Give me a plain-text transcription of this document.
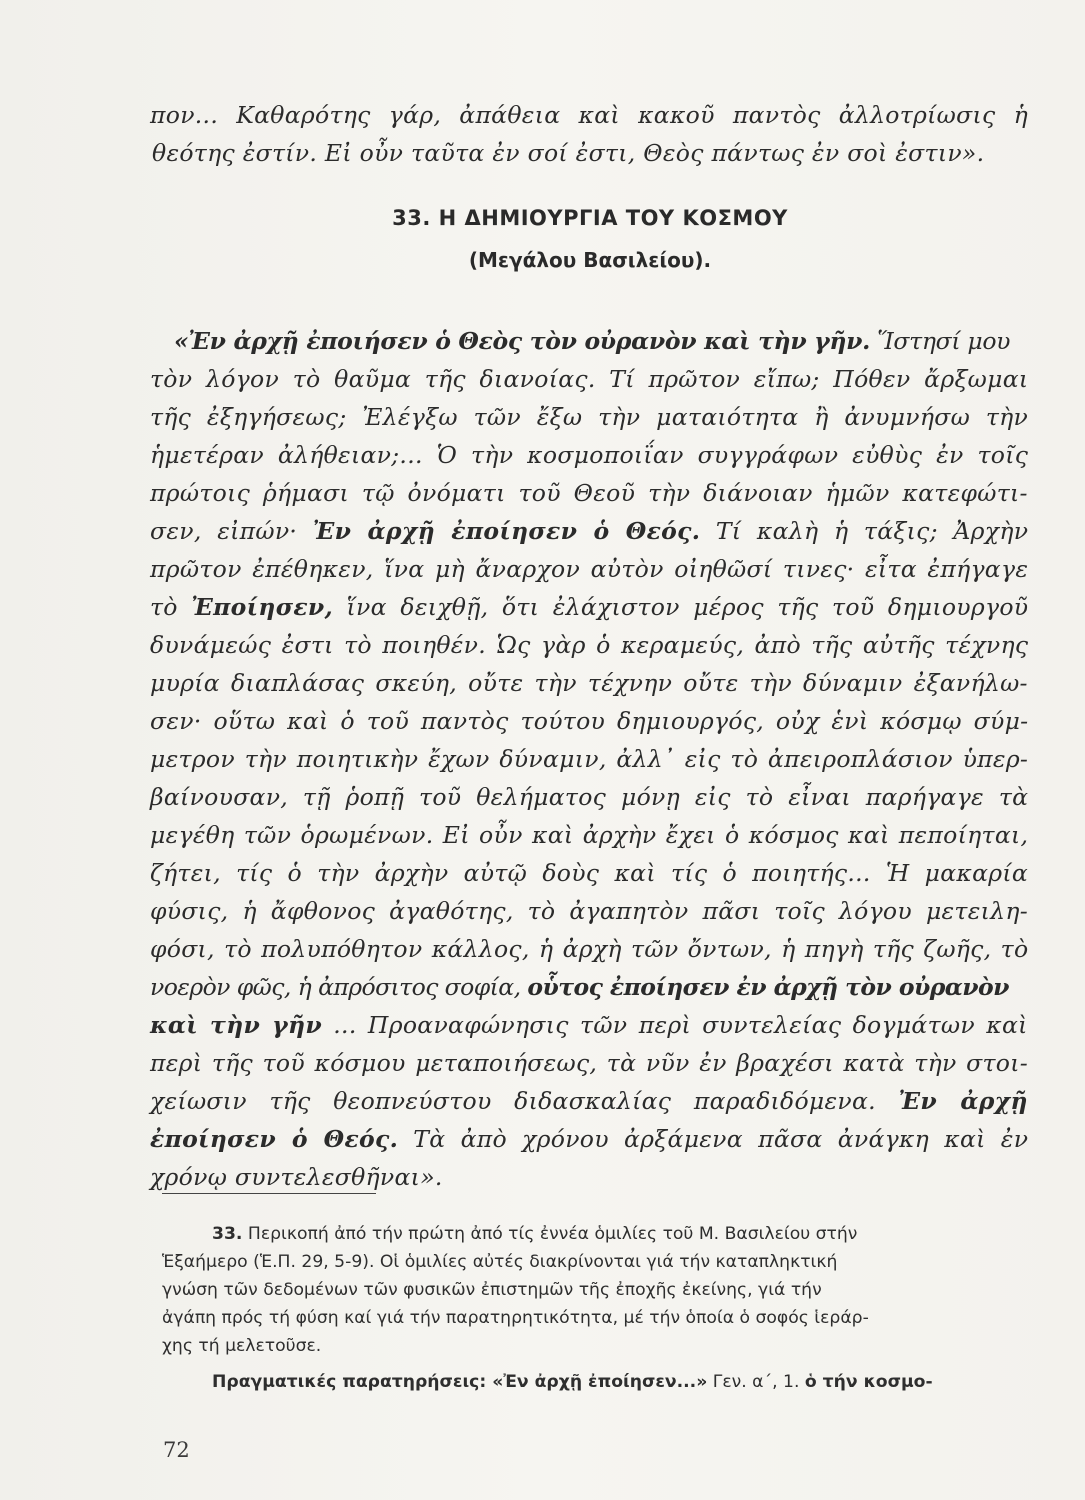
πον... Καθαρότης γάρ, ἀπάθεια καὶ κακοῦ παντὸς ἀλλοτρίωσις ἡ
θεότης ἐστίν. Εἰ οὖν ταῦτα ἐν σοί ἐστι, Θεὸς πάντως ἐν σοὶ ἐστιν».
33. Η ΔΗΜΙΟΥΡΓΙΑ ΤΟΥ ΚΟΣΜΟΥ
(Μεγάλου Βασιλείου).
«Ἐν ἀρχῇ ἐποιήσεν ὁ Θεὸς τὸν οὐρανὸν καὶ τὴν γῆν. Ἵστησί μου
τὸν λόγον τὸ θαῦμα τῆς διανοίας. Τί πρῶτον εἴπω; Πόθεν ἄρξωμαι
τῆς ἐξηγήσεως; Ἐλέγξω τῶν ἔξω τὴν ματαιότητα ἢ ἀνυμνήσω τὴν
ἡμετέραν ἀλήθειαν;... Ὁ τὴν κοσμοποιΐαν συγγράφων εὐθὺς ἐν τοῖς
πρώτοις ῥήμασι τῷ ὀνόματι τοῦ Θεοῦ τὴν διάνοιαν ἡμῶν κατεφώτι-
σεν, εἰπών· Ἐν ἀρχῇ ἐποίησεν ὁ Θεός. Τί καλὴ ἡ τάξις; Ἀρχὴν
πρῶτον ἐπέθηκεν, ἵνα μὴ ἄναρχον αὐτὸν οἰηθῶσί τινες· εἶτα ἐπήγαγε
τὸ Ἐποίησεν, ἵνα δειχθῇ, ὅτι ἐλάχιστον μέρος τῆς τοῦ δημιουργοῦ
δυνάμεώς ἐστι τὸ ποιηθέν. Ὡς γὰρ ὁ κεραμεύς, ἀπὸ τῆς αὐτῆς τέχνης
μυρία διαπλάσας σκεύη, οὔτε τὴν τέχνην οὔτε τὴν δύναμιν ἐξανήλω-
σεν· οὕτω καὶ ὁ τοῦ παντὸς τούτου δημιουργός, οὐχ ἑνὶ κόσμῳ σύμ-
μετρον τὴν ποιητικὴν ἔχων δύναμιν, ἀλλ᾽ εἰς τὸ ἀπειροπλάσιον ὑπερ-
βαίνουσαν, τῇ ῥοπῇ τοῦ θελήματος μόνῃ εἰς τὸ εἶναι παρήγαγε τὰ
μεγέθη τῶν ὁρωμένων. Εἰ οὖν καὶ ἀρχὴν ἔχει ὁ κόσμος καὶ πεποίηται,
ζήτει, τίς ὁ τὴν ἀρχὴν αὐτῷ δοὺς καὶ τίς ὁ ποιητής... Ἡ μακαρία
φύσις, ἡ ἄφθονος ἀγαθότης, τὸ ἀγαπητὸν πᾶσι τοῖς λόγου μετειλη-
φόσι, τὸ πολυπόθητον κάλλος, ἡ ἀρχὴ τῶν ὄντων, ἡ πηγὴ τῆς ζωῆς, τὸ
νοερὸν φῶς, ἡ ἀπρόσιτος σοφία, οὗτος ἐποίησεν ἐν ἀρχῇ τὸν οὐρανὸν
καὶ τὴν γῆν ... Προαναφώνησις τῶν περὶ συντελείας δογμάτων καὶ
περὶ τῆς τοῦ κόσμου μεταποιήσεως, τὰ νῦν ἐν βραχέσι κατὰ τὴν στοι-
χείωσιν τῆς θεοπνεύστου διδασκαλίας παραδιδόμενα. Ἐν ἀρχῇ
ἐποίησεν ὁ Θεός. Τὰ ἀπὸ χρόνου ἀρξάμενα πᾶσα ἀνάγκη καὶ ἐν
χρόνῳ συντελεσθῆναι».
33. Περικοπή ἀπό τήν πρώτη ἀπό τίς ἐννέα ὁμιλίες τοῦ Μ. Βασιλείου στήν
Ἑξαήμερο (Ἑ.Π. 29, 5-9). Οἱ ὁμιλίες αὐτές διακρίνονται γιά τήν καταπληκτική
γνώση τῶν δεδομένων τῶν φυσικῶν ἐπιστημῶν τῆς ἐποχῆς ἐκείνης, γιά τήν
ἀγάπη πρός τή φύση καί γιά τήν παρατηρητικότητα, μέ τήν ὁποία ὁ σοφός ἱεράρ-
χης τή μελετοῦσε.
Πραγματικές παρατηρήσεις: «Ἐν ἀρχῇ ἐποίησεν...» Γεν. α΄, 1. ὁ τήν κοσμο-
72
